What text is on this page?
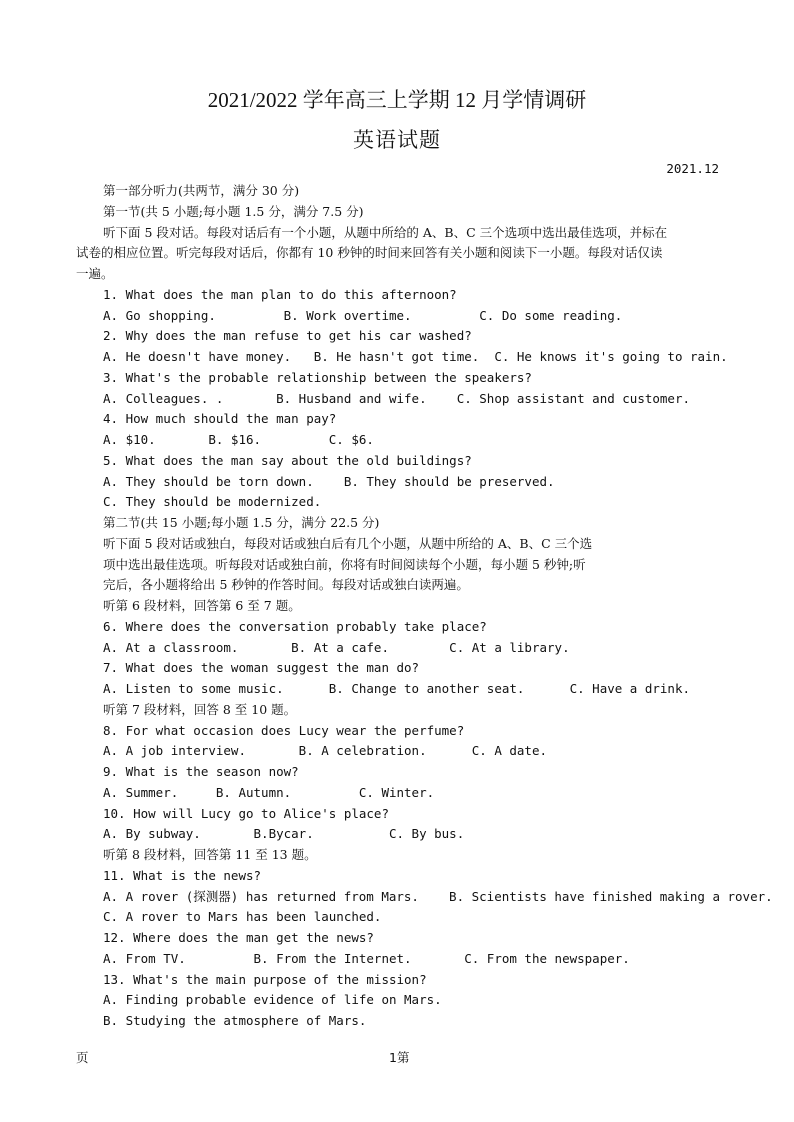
2021/2022 学年高三上学期 12 月学情调研
英语试题
2021.12
第一部分听力(共两节，满分 30 分)
第一节(共 5 小题;每小题 1.5 分，满分 7.5 分)
听下面 5 段对话。每段对话后有一个小题，从题中所给的 A、B、C 三个选项中选出最佳选项，并标在
试卷的相应位置。听完每段对话后，你都有 10 秒钟的时间来回答有关小题和阅读下一小题。每段对话仅读
一遍。
1. What does the man plan to do this afternoon?
A. Go shopping.         B. Work overtime.         C. Do some reading.
2. Why does the man refuse to get his car washed?
A. He doesn't have money.   B. He hasn't got time.  C. He knows it's going to rain.
3. What's the probable relationship between the speakers?
A. Colleagues. .       B. Husband and wife.    C. Shop assistant and customer.
4. How much should the man pay?
A. $10.       B. $16.         C. $6.
5. What does the man say about the old buildings?
A. They should be torn down.    B. They should be preserved.
C. They should be modernized.
第二节(共 15 小题;每小题 1.5 分，满分 22.5 分)
听下面 5 段对话或独白，每段对话或独白后有几个小题，从题中所给的 A、B、C 三个选
项中选出最佳选项。听每段对话或独白前，你将有时间阅读每个小题，每小题 5 秒钟;听
完后，各小题将给出 5 秒钟的作答时间。每段对话或独白读两遍。
听第 6 段材料，回答第 6 至 7 题。
6. Where does the conversation probably take place?
A. At a classroom.       B. At a cafe.        C. At a library.
7. What does the woman suggest the man do?
A. Listen to some music.      B. Change to another seat.      C. Have a drink.
听第 7 段材料，回答 8 至 10 题。
8. For what occasion does Lucy wear the perfume?
A. A job interview.       B. A celebration.      C. A date.
9. What is the season now?
A. Summer.     B. Autumn.         C. Winter.
10. How will Lucy go to Alice's place?
A. By subway.       B.Bycar.          C. By bus.
听第 8 段材料，回答第 11 至 13 题。
11. What is the news?
A. A rover (探测器) has returned from Mars.    B. Scientists have finished making a rover.
C. A rover to Mars has been launched.
12. Where does the man get the news?
A. From TV.         B. From the Internet.       C. From the newspaper.
13. What's the main purpose of the mission?
A. Finding probable evidence of life on Mars.
B. Studying the atmosphere of Mars.
页	1第
